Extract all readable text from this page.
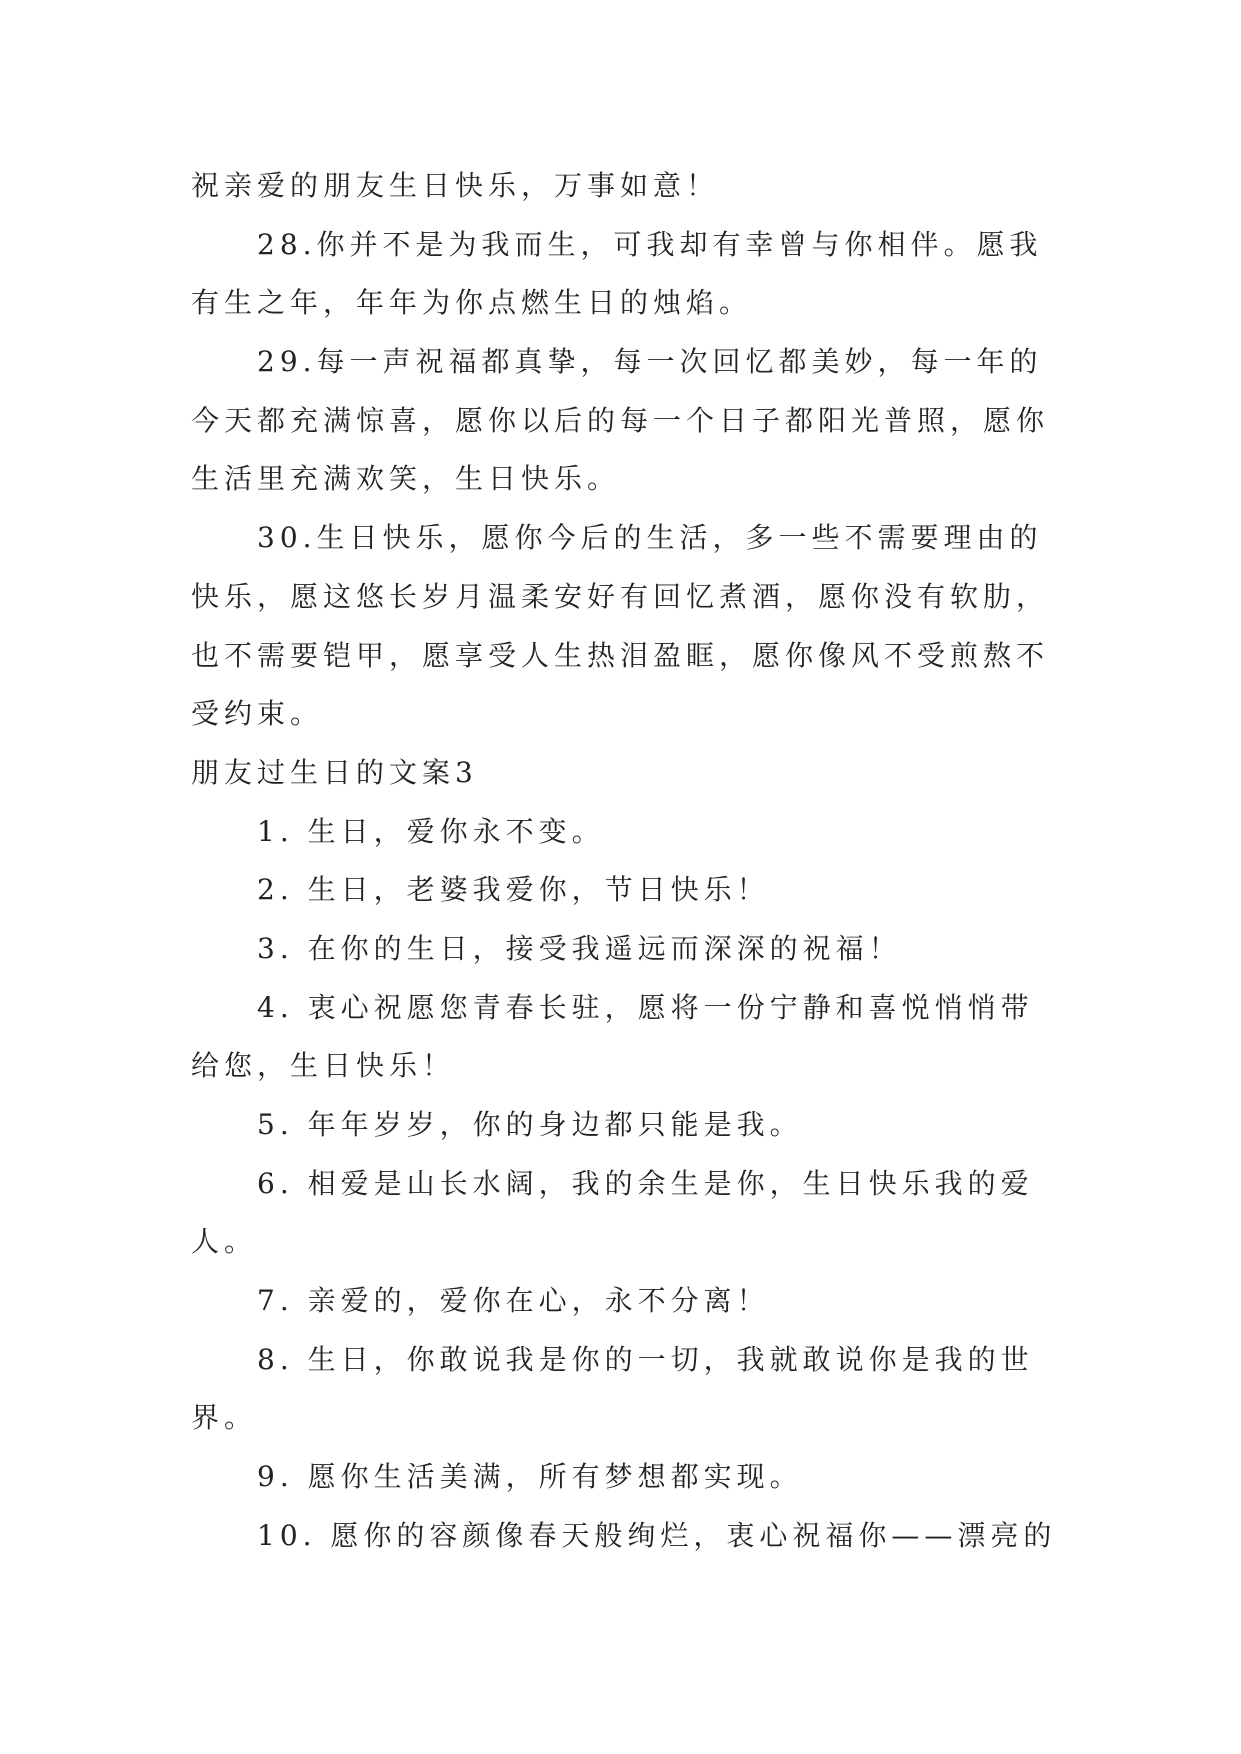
祝亲爱的朋友生日快乐，万事如意！
28.你并不是为我而生，可我却有幸曾与你相伴。愿我
有生之年，年年为你点燃生日的烛焰。
29.每一声祝福都真挚，每一次回忆都美妙，每一年的
今天都充满惊喜，愿你以后的每一个日子都阳光普照，愿你
生活里充满欢笑，生日快乐。
30.生日快乐，愿你今后的生活，多一些不需要理由的
快乐，愿这悠长岁月温柔安好有回忆煮酒，愿你没有软肋，
也不需要铠甲，愿享受人生热泪盈眶，愿你像风不受煎熬不
受约束。
朋友过生日的文案3
1. 生日，爱你永不变。
2. 生日，老婆我爱你，节日快乐！
3. 在你的生日，接受我遥远而深深的祝福！
4. 衷心祝愿您青春长驻，愿将一份宁静和喜悦悄悄带
给您，生日快乐！
5. 年年岁岁，你的身边都只能是我。
6. 相爱是山长水阔，我的余生是你，生日快乐我的爱
人。
7. 亲爱的，爱你在心，永不分离！
8. 生日，你敢说我是你的一切，我就敢说你是我的世
界。
9. 愿你生活美满，所有梦想都实现。
10. 愿你的容颜像春天般绚烂，衷心祝福你——漂亮的
